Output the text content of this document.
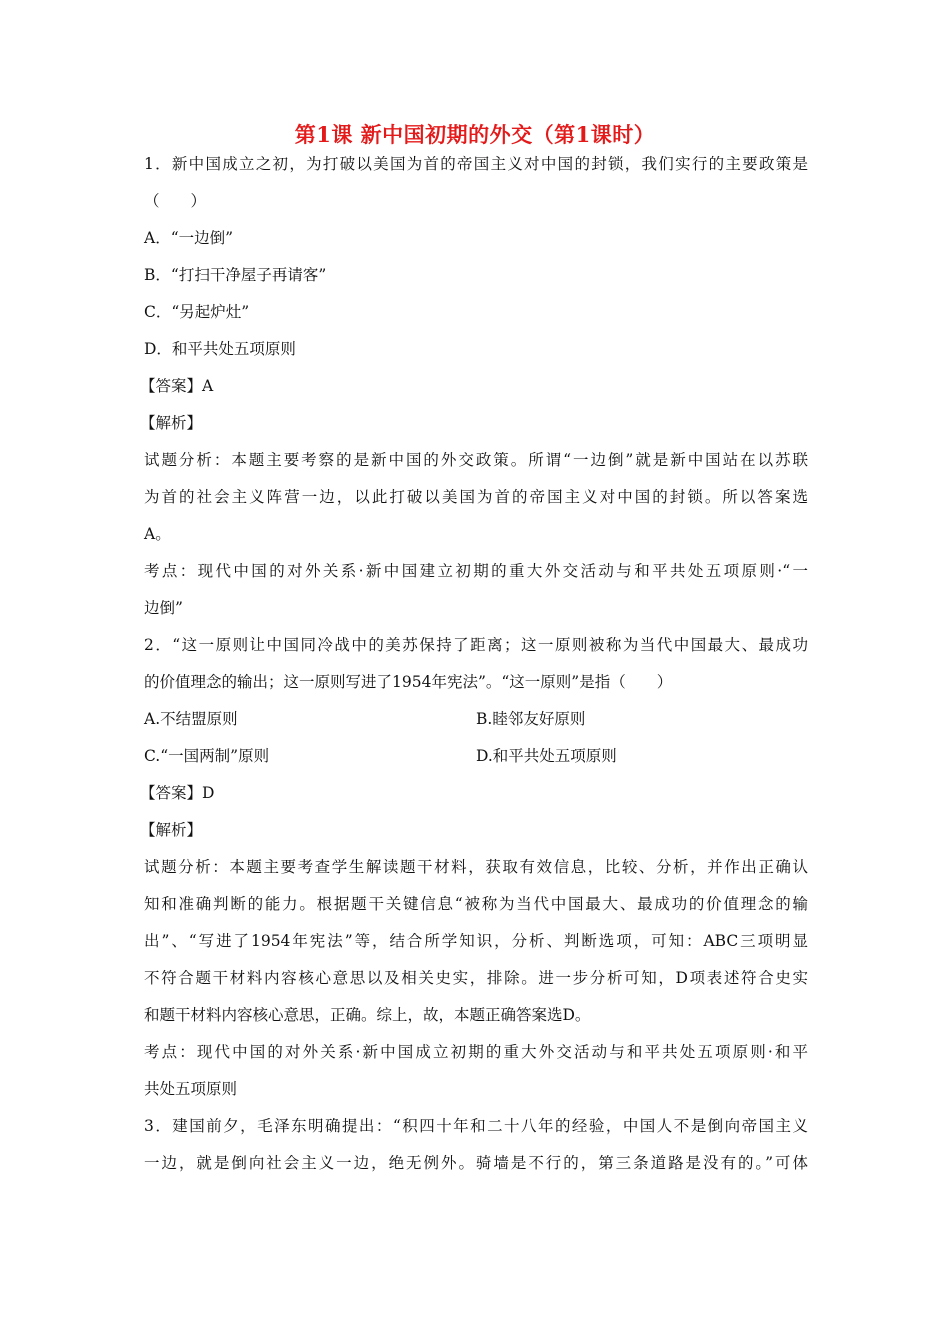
第1课 新中国初期的外交（第1课时）
1．新中国成立之初，为打破以美国为首的帝国主义对中国的封锁，我们实行的主要政策是
（　　）
A．“一边倒”
B．“打扫干净屋子再请客”
C．“另起炉灶”
D．和平共处五项原则
【答案】A
【解析】
试题分析：本题主要考察的是新中国的外交政策。所谓“一边倒”就是新中国站在以苏联
为首的社会主义阵营一边，以此打破以美国为首的帝国主义对中国的封锁。所以答案选
A。
考点：现代中国的对外关系·新中国建立初期的重大外交活动与和平共处五项原则·“一
边倒”
2．“这一原则让中国同冷战中的美苏保持了距离；这一原则被称为当代中国最大、最成功
的价值理念的输出；这一原则写进了1954年宪法”。“这一原则”是指（　　）
A.不结盟原则	B.睦邻友好原则
C.“一国两制”原则	D.和平共处五项原则
【答案】D
【解析】
试题分析：本题主要考查学生解读题干材料，获取有效信息，比较、分析，并作出正确认
知和准确判断的能力。根据题干关键信息“被称为当代中国最大、最成功的价值理念的输
出”、“写进了1954年宪法”等，结合所学知识，分析、判断选项，可知：ABC三项明显
不符合题干材料内容核心意思以及相关史实，排除。进一步分析可知，D项表述符合史实
和题干材料内容核心意思，正确。综上，故，本题正确答案选D。
考点：现代中国的对外关系·新中国成立初期的重大外交活动与和平共处五项原则·和平
共处五项原则
3．建国前夕，毛泽东明确提出：“积四十年和二十八年的经验，中国人不是倒向帝国主义
一边，就是倒向社会主义一边，绝无例外。骑墙是不行的，第三条道路是没有的。”可体
